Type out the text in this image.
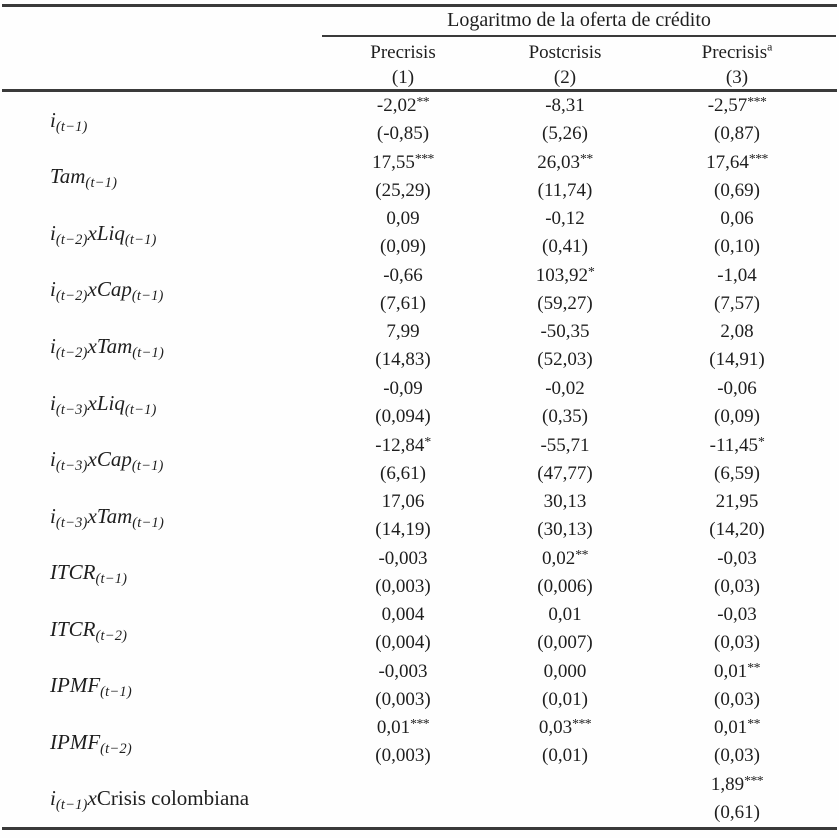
Logaritmo de la oferta de crédito
Precrisis
(1)
Postcrisis
(2)
Precrisis$^a$
(3)
$i_{(t-1)}$
-2,02**
(-0,85)
-8,31
(5,26)
-2,57***
(0,87)
Tam$_{(t-1)}$
17,55***
(25,29)
26,03**
(11,74)
17,64***
(0,69)
$i_{(t-2)}$ xLiq$_{(t-1)}$
0,09
(0,09)
-0,12
(0,41)
0,06
(0,10)
$i_{(t-2)}$ xCap$_{(t-1)}$
-0,66
(7,61)
103,92*
(59,27)
-1,04
(7,57)
$i_{(t-2)}$ xTam$_{(t-1)}$
7,99
(14,83)
-50,35
(52,03)
2,08
(14,91)
$i_{(t-3)}$ xLiq$_{(t-1)}$
-0,09
(0,094)
-0,02
(0,35)
-0,06
(0,09)
$i_{(t-3)}$ xCap$_{(t-1)}$
-12,84*
(6,61)
-55,71
(47,77)
-11,45*
(6,59)
$i_{(t-3)}$ xTam$_{(t-1)}$
17,06
(14,19)
30,13
(30,13)
21,95
(14,20)
$ITCR_{(t-1)}$
-0,003
(0,003)
0,02**
(0,006)
-0,03
(0,03)
$ITCR_{(t-2)}$
0,004
(0,004)
0,01
(0,007)
-0,03
(0,03)
$IPMF_{(t-1)}$
-0,003
(0,003)
0,000
(0,01)
0,01**
(0,03)
$IPMF_{(t-2)}$
0,01***
(0,003)
0,03***
(0,01)
0,01**
(0,03)
$i_{(t-1)}$ x Crisis colombiana
1,89***
(0,61)
